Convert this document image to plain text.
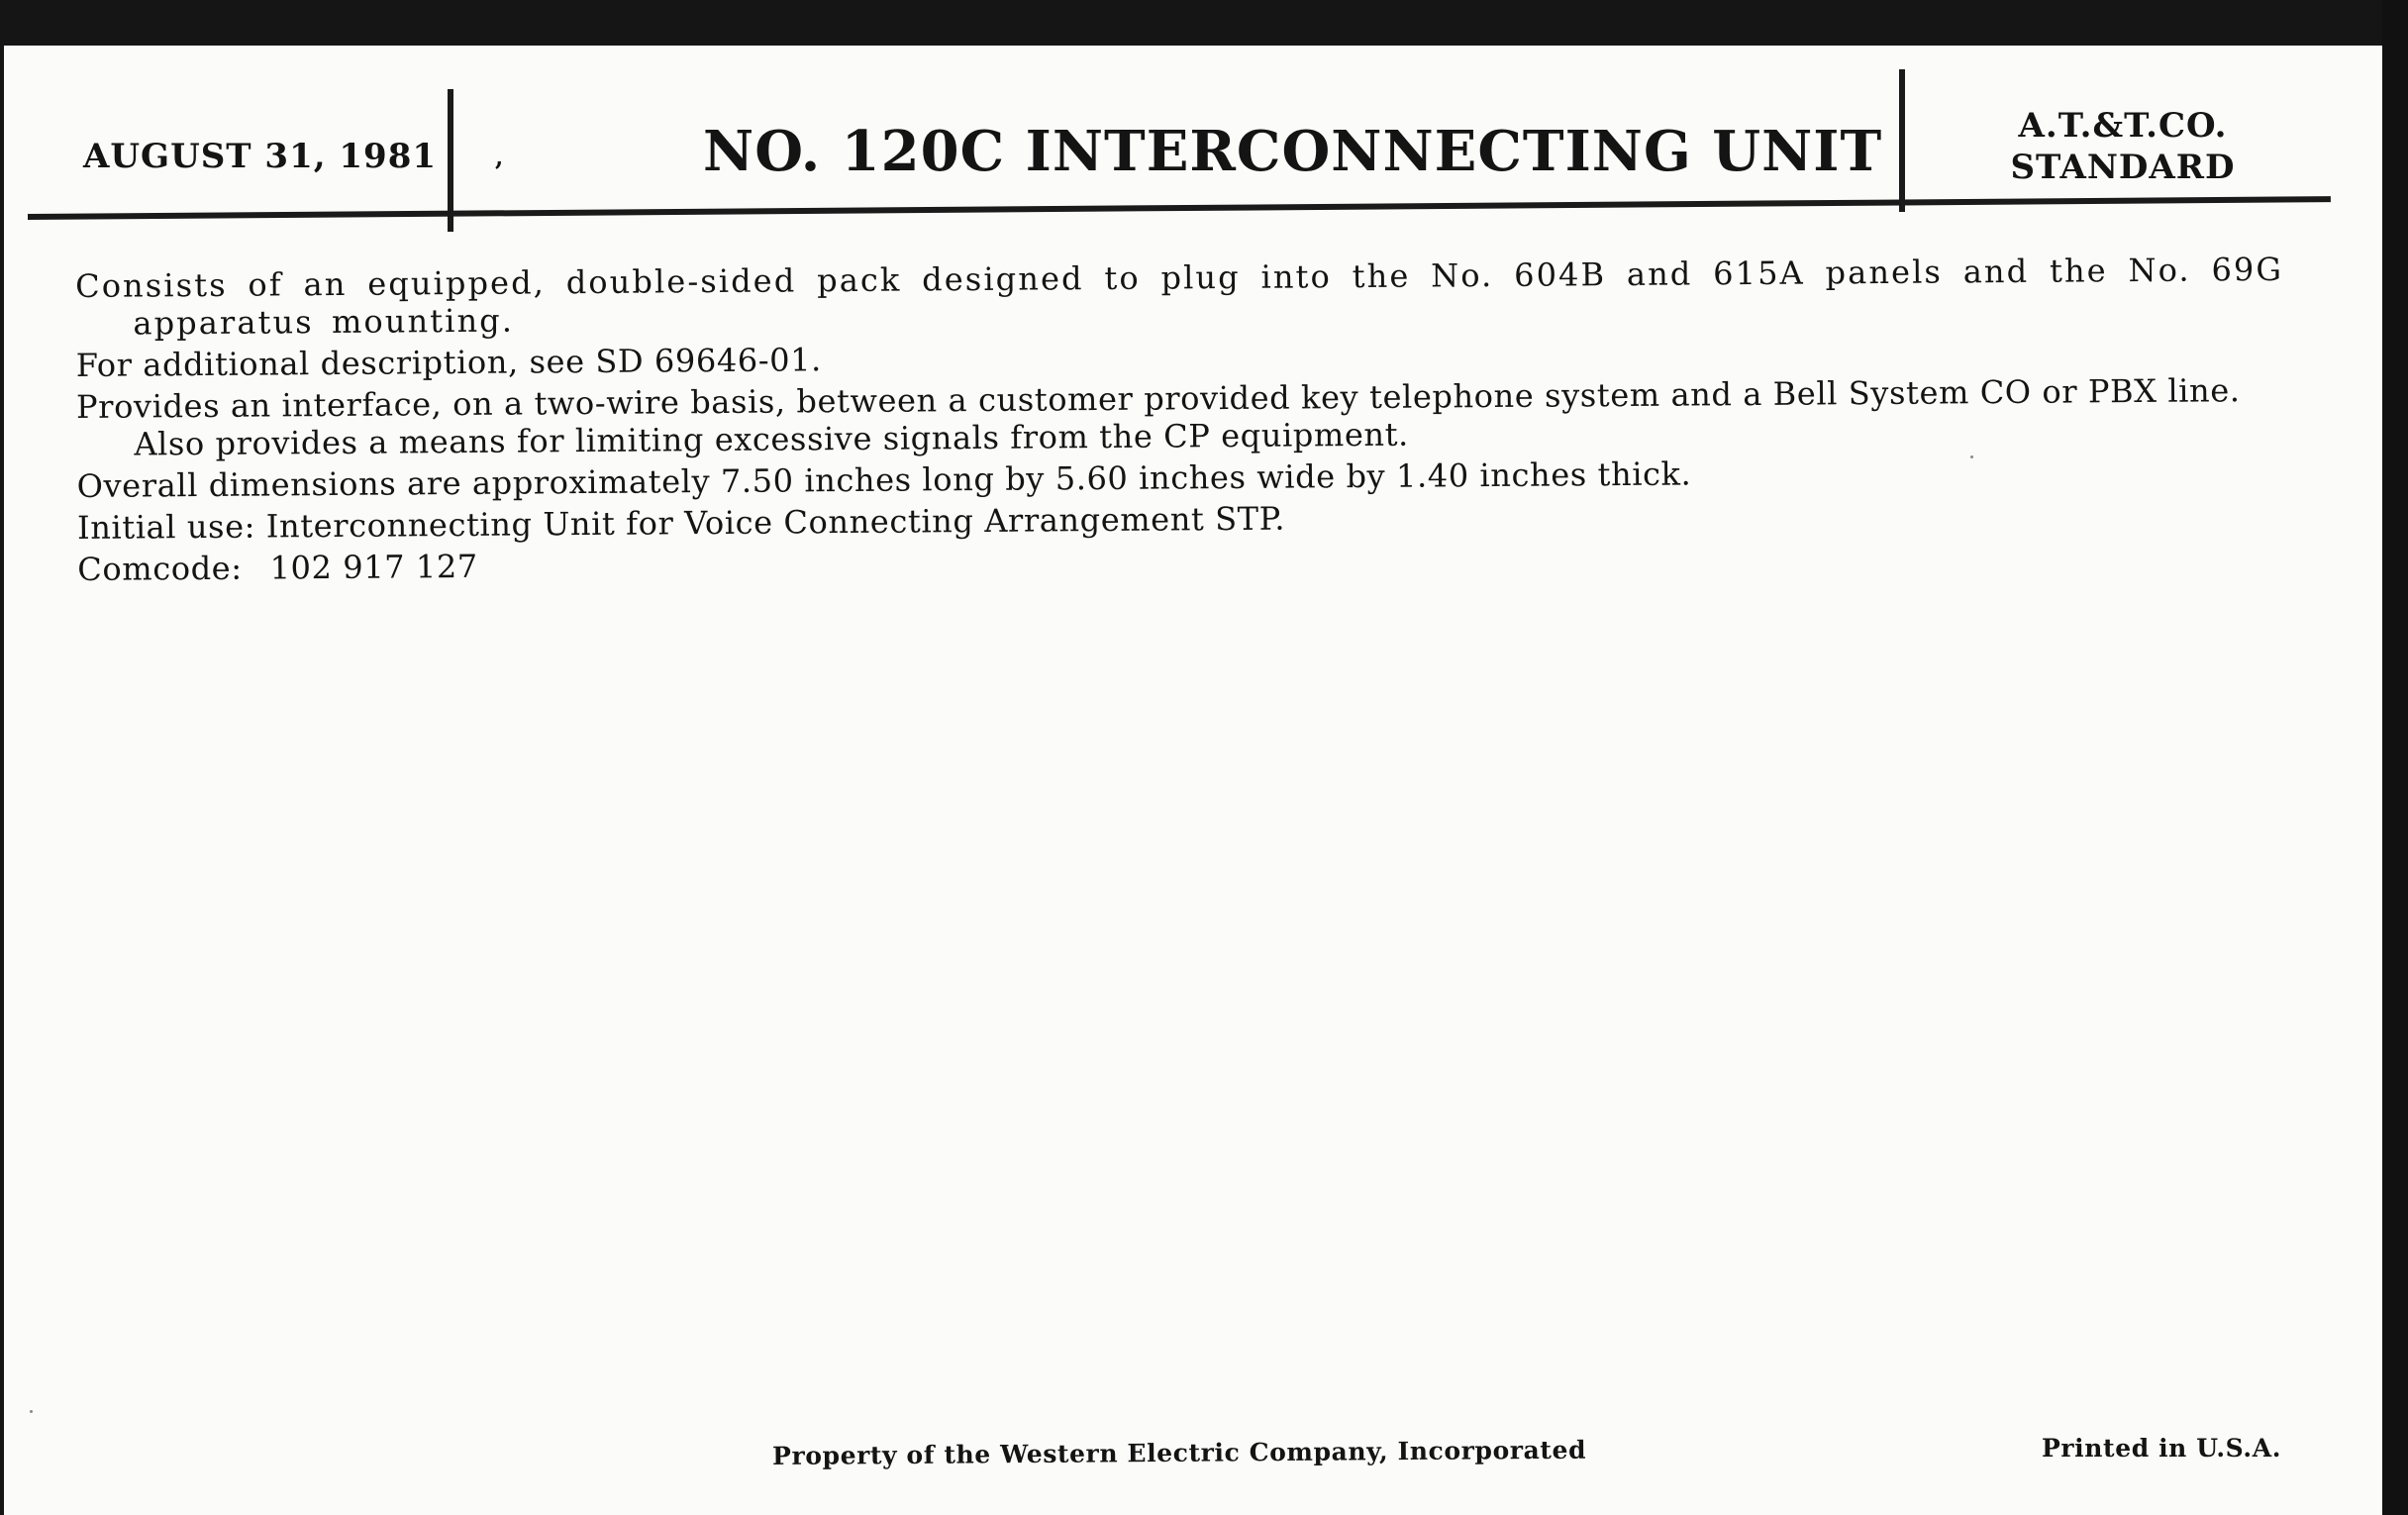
AUGUST 31, 1981 ,	NO. 120C INTERCONNECTING UNIT	A.T.&T.CO.
STANDARD

Consists of an equipped, double-sided pack designed to plug into the No. 604B and 615A panels and the No. 69G apparatus mounting.

For additional description, see SD 69646-01.

Provides an interface, on a two-wire basis, between a customer provided key telephone system and a Bell System CO or PBX line. Also provides a means for limiting excessive signals from the CP equipment.

Overall dimensions are approximately 7.50 inches long by 5.60 inches wide by 1.40 inches thick.

Initial use: Interconnecting Unit for Voice Connecting Arrangement STP.

Comcode: 102 917 127
Property of the Western Electric Company, Incorporated	Printed in U.S.A.
